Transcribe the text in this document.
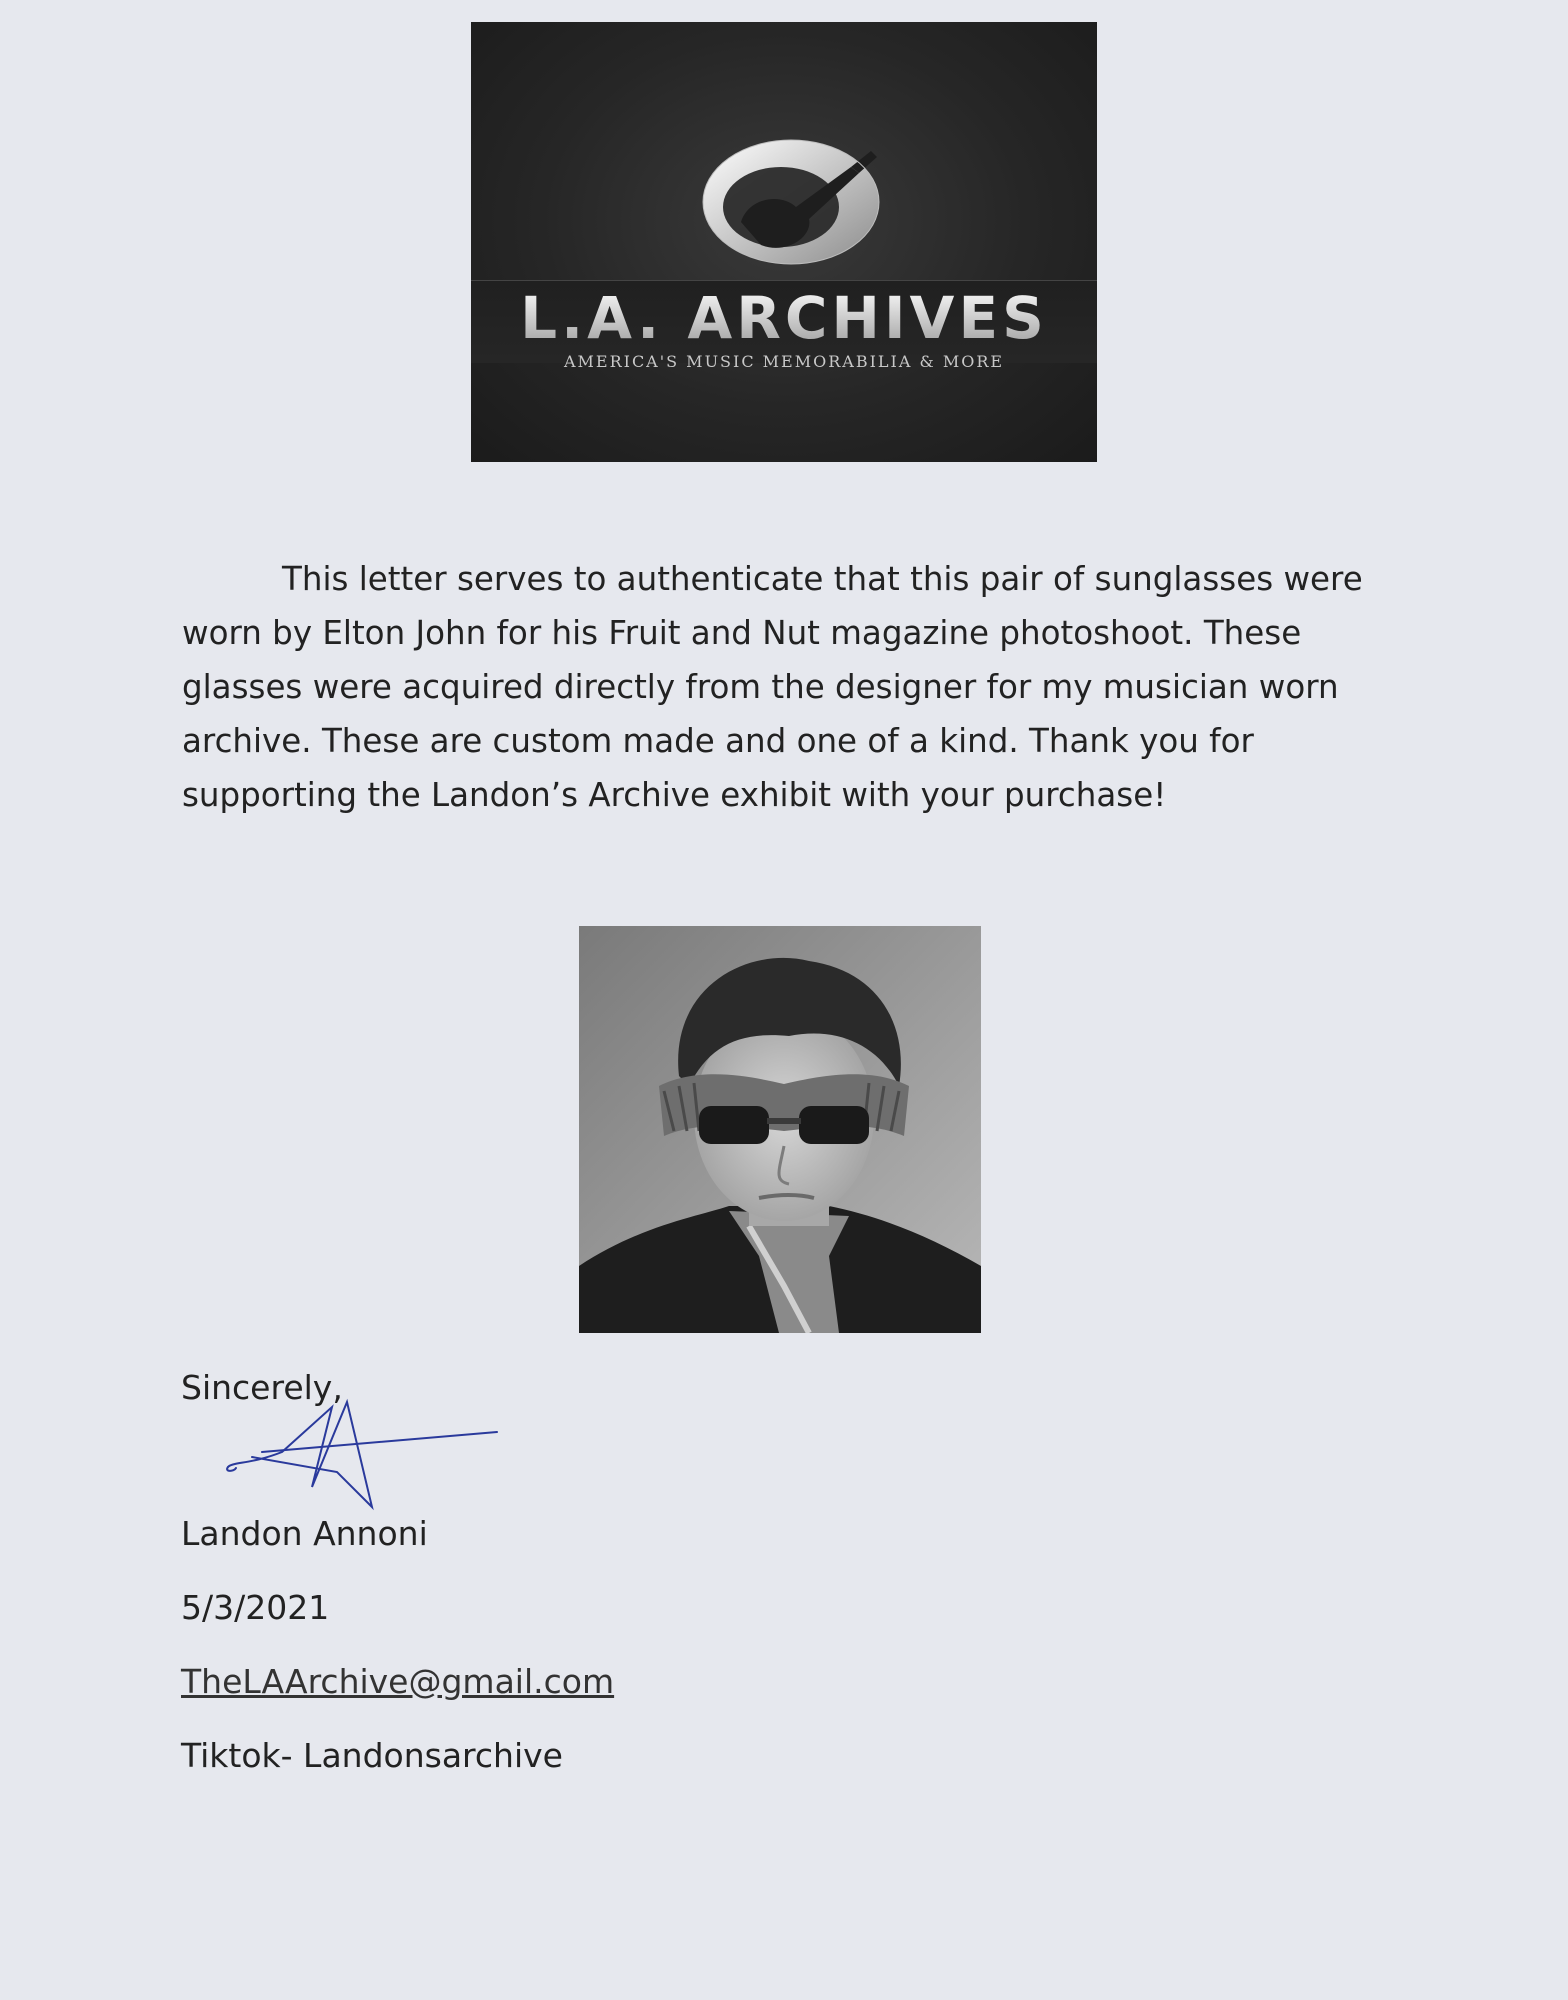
L.A. ARCHIVES
AMERICA'S MUSIC MEMORABILIA & MORE

This letter serves to authenticate that this pair of sunglasses were worn by Elton John for his Fruit and Nut magazine photoshoot. These glasses were acquired directly from the designer for my musician worn archive. These are custom made and one of a kind. Thank you for supporting the Landon’s Archive exhibit with your purchase!

Sincerely,
Landon Annoni
5/3/2021
TheLAArchive@gmail.com
Tiktok- Landonsarchive
